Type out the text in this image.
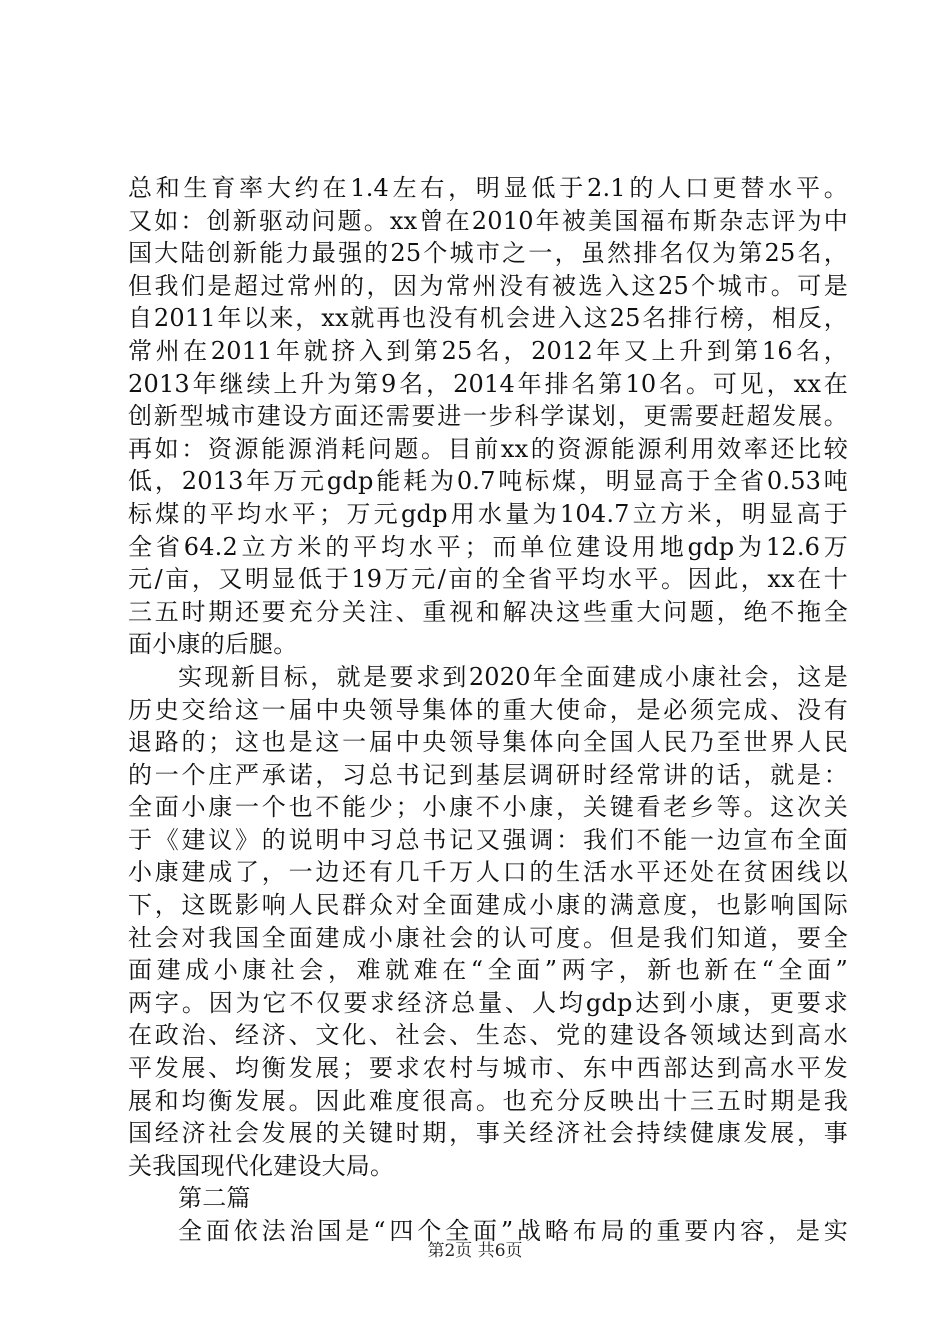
总和生育率大约在1.4左右，明显低于2.1的人口更替水平。
又如：创新驱动问题。xx曾在2010年被美国福布斯杂志评为中
国大陆创新能力最强的25个城市之一，虽然排名仅为第25名，
但我们是超过常州的，因为常州没有被选入这25个城市。可是
自2011年以来，xx就再也没有机会进入这25名排行榜，相反，
常州在2011年就挤入到第25名，2012年又上升到第16名，
2013年继续上升为第9名，2014年排名第10名。可见，xx在
创新型城市建设方面还需要进一步科学谋划，更需要赶超发展。
再如：资源能源消耗问题。目前xx的资源能源利用效率还比较
低，2013年万元gdp能耗为0.7吨标煤，明显高于全省0.53吨
标煤的平均水平；万元gdp用水量为104.7立方米，明显高于
全省64.2立方米的平均水平；而单位建设用地gdp为12.6万
元/亩，又明显低于19万元/亩的全省平均水平。因此，xx在十
三五时期还要充分关注、重视和解决这些重大问题，绝不拖全
面小康的后腿。
实现新目标，就是要求到2020年全面建成小康社会，这是
历史交给这一届中央领导集体的重大使命，是必须完成、没有
退路的；这也是这一届中央领导集体向全国人民乃至世界人民
的一个庄严承诺，习总书记到基层调研时经常讲的话，就是：
全面小康一个也不能少；小康不小康，关键看老乡等。这次关
于《建议》的说明中习总书记又强调：我们不能一边宣布全面
小康建成了，一边还有几千万人口的生活水平还处在贫困线以
下，这既影响人民群众对全面建成小康的满意度，也影响国际
社会对我国全面建成小康社会的认可度。但是我们知道，要全
面建成小康社会，难就难在“全面”两字，新也新在“全面”
两字。因为它不仅要求经济总量、人均gdp达到小康，更要求
在政治、经济、文化、社会、生态、党的建设各领域达到高水
平发展、均衡发展；要求农村与城市、东中西部达到高水平发
展和均衡发展。因此难度很高。也充分反映出十三五时期是我
国经济社会发展的关键时期，事关经济社会持续健康发展，事
关我国现代化建设大局。
第二篇
全面依法治国是“四个全面”战略布局的重要内容，是实
第2页 共6页
